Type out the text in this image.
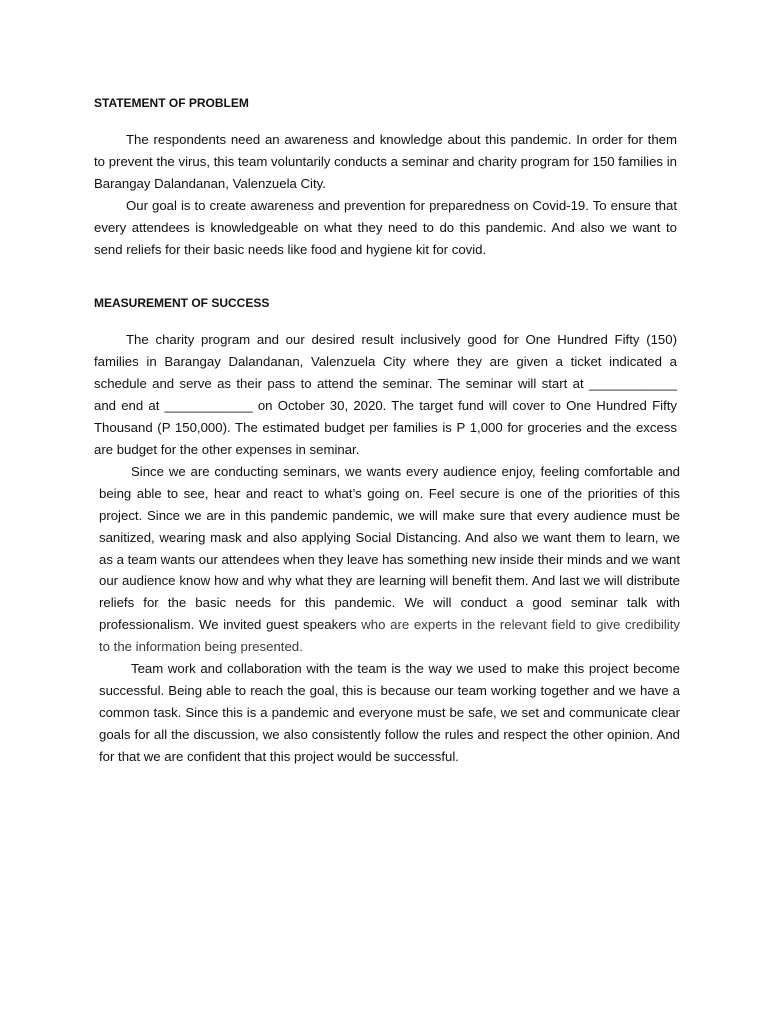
STATEMENT OF PROBLEM

The respondents need an awareness and knowledge about this pandemic. In order for them to prevent the virus, this team voluntarily conducts a seminar and charity program for 150 families in Barangay Dalandanan, Valenzuela City.

Our goal is to create awareness and prevention for preparedness on Covid-19. To ensure that every attendees is knowledgeable on what they need to do this pandemic. And also we want to send reliefs for their basic needs like food and hygiene kit for covid.

MEASUREMENT OF SUCCESS

The charity program and our desired result inclusively good for One Hundred Fifty (150) families in Barangay Dalandanan, Valenzuela City where they are given a ticket indicated a schedule and serve as their pass to attend the seminar. The seminar will start at ____________ and end at ____________ on October 30, 2020. The target fund will cover to One Hundred Fifty Thousand (P 150,000). The estimated budget per families is P 1,000 for groceries and the excess are budget for the other expenses in seminar.

Since we are conducting seminars, we wants every audience enjoy, feeling comfortable and being able to see, hear and react to what’s going on. Feel secure is one of the priorities of this project. Since we are in this pandemic pandemic, we will make sure that every audience must be sanitized, wearing mask and also applying Social Distancing. And also we want them to learn, we as a team wants our attendees when they leave has something new inside their minds and we want our audience know how and why what they are learning will benefit them. And last we will distribute reliefs for the basic needs for this pandemic. We will conduct a good seminar talk with professionalism. We invited guest speakers who are experts in the relevant field to give credibility to the information being presented.

Team work and collaboration with the team is the way we used to make this project become successful. Being able to reach the goal, this is because our team working together and we have a common task. Since this is a pandemic and everyone must be safe, we set and communicate clear goals for all the discussion, we also consistently follow the rules and respect the other opinion. And for that we are confident that this project would be successful.
